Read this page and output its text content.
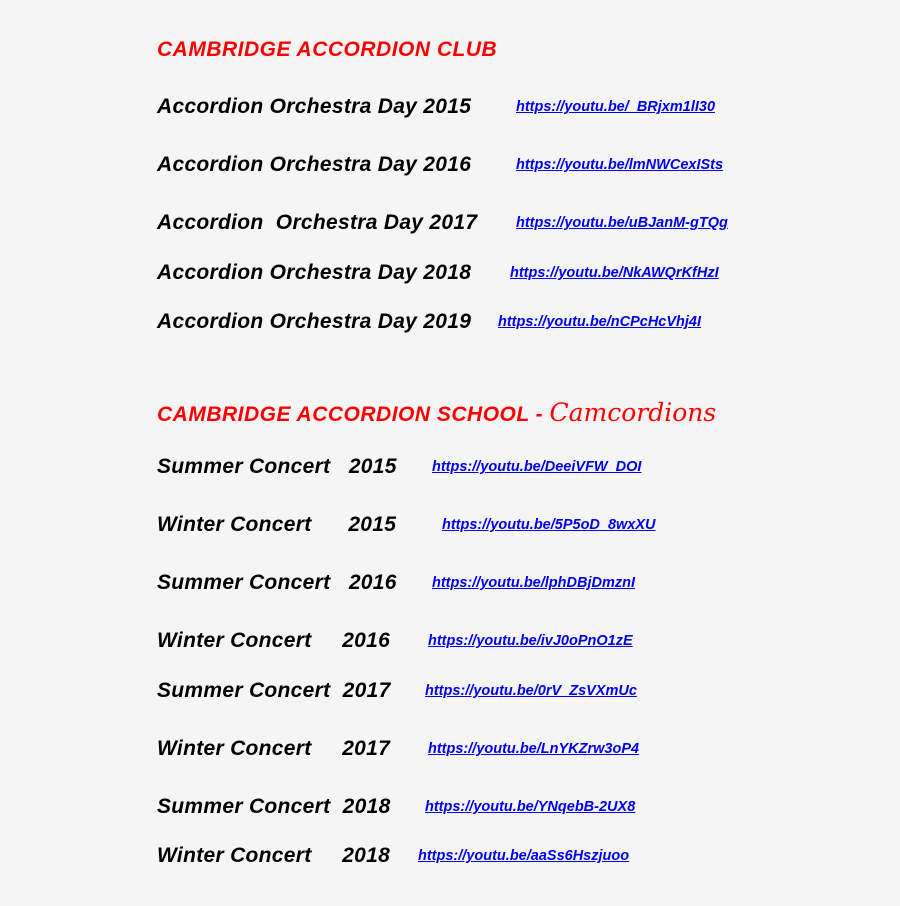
CAMBRIDGE ACCORDION CLUB
Accordion Orchestra Day 2015	https://youtu.be/_BRjxm1lI30
Accordion Orchestra Day 2016	https://youtu.be/lmNWCexISts
Accordion  Orchestra Day 2017	https://youtu.be/uBJanM-gTQg
Accordion Orchestra Day 2018	https://youtu.be/NkAWQrKfHzI
Accordion Orchestra Day 2019 https://youtu.be/nCPcHcVhj4I
CAMBRIDGE ACCORDION SCHOOL - Camcordions
Summer Concert   2015 https://youtu.be/DeeiVFW_DOI
Winter Concert      2015	https://youtu.be/5P5oD_8wxXU
Summer Concert   2016 https://youtu.be/lphDBjDmznI
Winter Concert     2016	https://youtu.be/ivJ0oPnO1zE
Summer Concert  2017 https://youtu.be/0rV_ZsVXmUc
Winter Concert     2017	https://youtu.be/LnYKZrw3oP4
Summer Concert  2018 https://youtu.be/YNqebB-2UX8
Winter Concert     2018 https://youtu.be/aaSs6Hszjuoo
